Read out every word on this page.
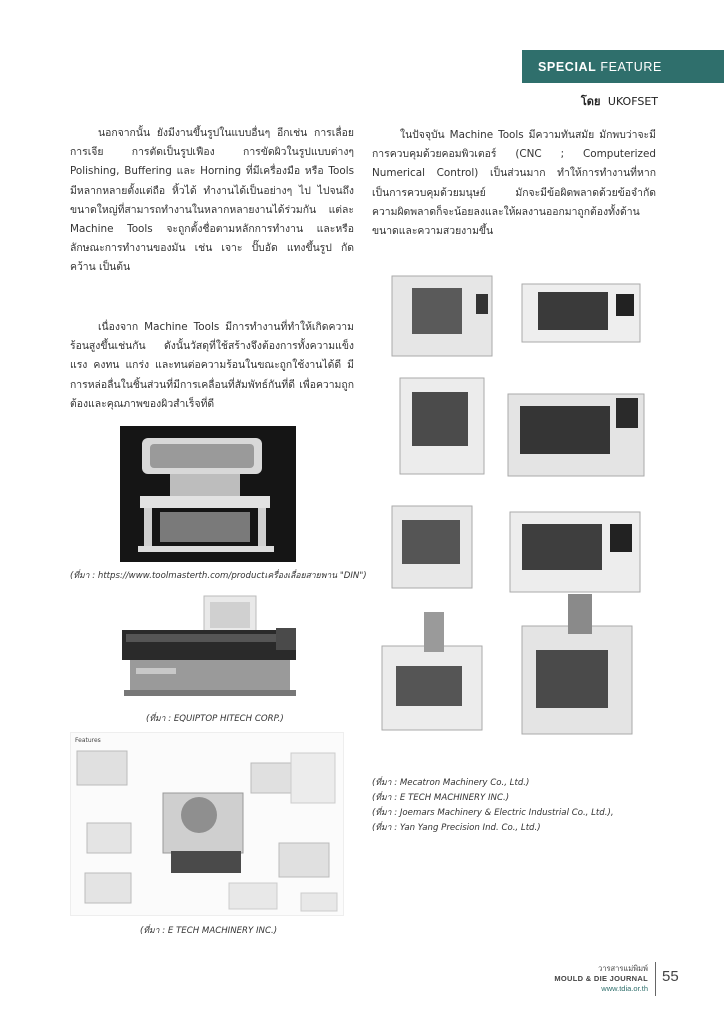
SPECIAL FEATURE
โดย UKOFSET

นอกจากนั้น ยังมีงานขึ้นรูปในแบบอื่นๆ อีกเช่น การเลื่อย การเจีย การตัดเป็นรูปเฟือง การขัดผิวในรูปแบบต่างๆ Polishing, Buffering และ Horning ที่มีเครื่องมือ หรือ Tools มีหลากหลายตั้งแต่ถือ หิ้วได้ ทำงานได้เป็นอย่างๆ ไป ไปจนถึงขนาดใหญ่ที่สามารถทำงานในหลากหลายงานได้ร่วมกัน แต่ละ Machine Tools จะถูกตั้งชื่อตามหลักการทำงาน และหรือลักษณะการทำงานของมัน เช่น เจาะ ปั๊บอัด แทงขึ้นรูป กัด คว้าน เป็นต้น

เนื่องจาก Machine Tools มีการทำงานที่ทำให้เกิดความร้อนสูงขึ้นเช่นกัน ดังนั้นวัสดุที่ใช้สร้างจึงต้องการทั้งความแข็งแรง คงทน แกร่ง และทนต่อความร้อนในขณะถูกใช้งานได้ดี มีการหล่อลื่นในชิ้นส่วนที่มีการเคลื่อนที่สัมพัทธ์กันที่ดี เพื่อความถูกต้องและคุณภาพของผิวสำเร็จที่ดี

(ที่มา : https://www.toolmasterth.com/productเครื่องเลื่อยสายพาน "DIN")
(ที่มา : EQUIPTOP HITECH CORP.)
Features
(ที่มา : E TECH MACHINERY INC.)

ในปัจจุบัน Machine Tools มีความทันสมัย มักพบว่าจะมีการควบคุมด้วยคอมพิวเตอร์ (CNC ; Computerized Numerical Control) เป็นส่วนมาก ทำให้การทำงานที่หากเป็นการควบคุมด้วยมนุษย์ มักจะมีข้อผิดพลาดด้วยข้อจำกัด ความผิดพลาดก็จะน้อยลงและให้ผลงานออกมาถูกต้องทั้งด้านขนาดและความสวยงามขึ้น

(ที่มา : Mecatron Machinery Co., Ltd.)
(ที่มา : E TECH MACHINERY INC.)
(ที่มา : Joemars Machinery & Electric Industrial Co., Ltd.),
(ที่มา : Yan Yang Precision Ind. Co., Ltd.)
วารสารแม่พิมพ์
MOULD & DIE JOURNAL
www.tdia.or.th
55
